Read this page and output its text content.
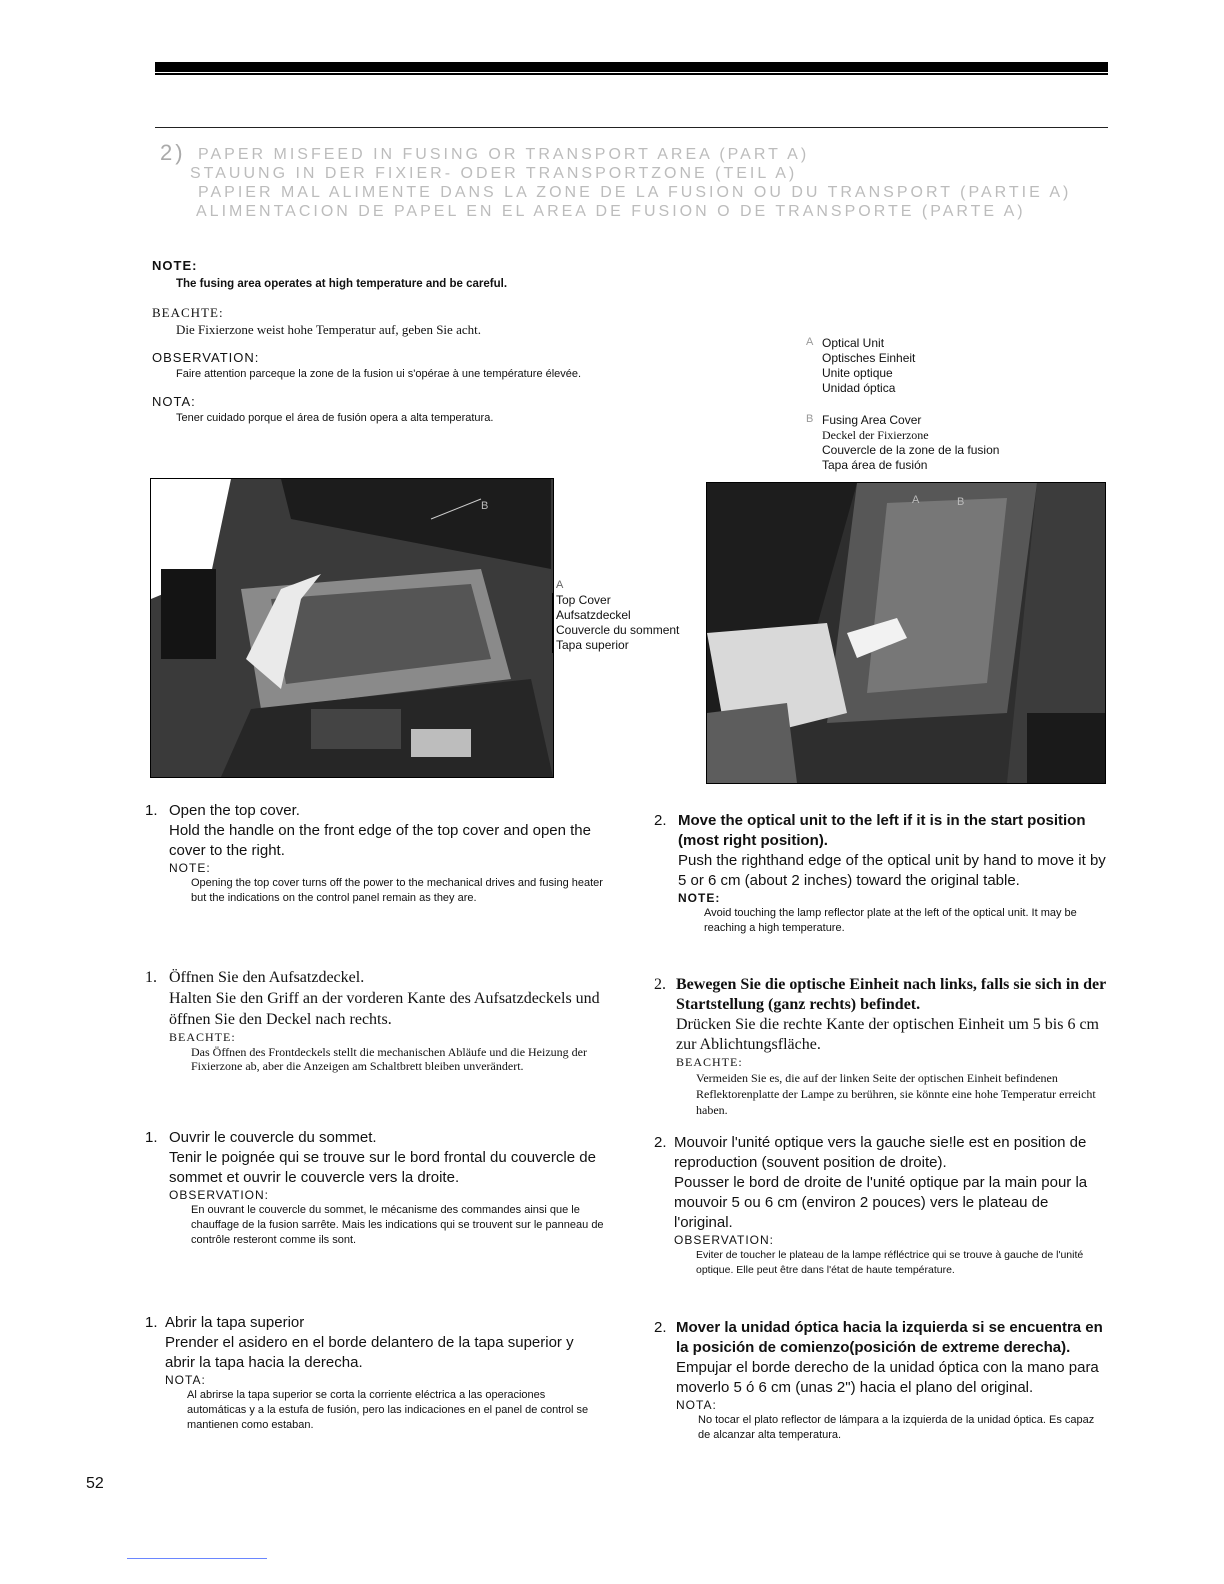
2) PAPER MISFEED IN FUSING OR TRANSPORT AREA (PART A)
STAUUNG IN DER FIXIER- ODER TRANSPORTZONE (TEIL A)
PAPIER MAL ALIMENTE DANS LA ZONE DE LA FUSION OU DU TRANSPORT (PARTIE A)
ALIMENTACION DE PAPEL EN EL AREA DE FUSION O DE TRANSPORTE (PARTE A)
NOTE:
The fusing area operates at high temperature and be careful.
BEACHTE:
Die Fixierzone weist hohe Temperatur auf, geben Sie acht.
OBSERVATION:
Faire attention parceque la zone de la fusion ui s'opérae à une température élevée.
NOTA:
Tener cuidado porque el área de fusión opera a alta temperatura.
A Optical Unit
Optisches Einheit
Unite optique
Unidad óptica
B Fusing Area Cover
Deckel der Fixierzone
Couvercle de la zone de la fusion
Tapa área de fusión
B
A
Top Cover
Aufsatzdeckel
Couvercle du somment
Tapa superior
A	B
1. Open the top cover.
Hold the handle on the front edge of the top cover and open the cover to the right.
NOTE:
Opening the top cover turns off the power to the mechanical drives and fusing heater but the indications on the control panel remain as they are.
1. Öffnen Sie den Aufsatzdeckel.
Halten Sie den Griff an der vorderen Kante des Aufsatzdeckels und öffnen Sie den Deckel nach rechts.
BEACHTE:
Das Öffnen des Frontdeckels stellt die mechanischen Abläufe und die Heizung der Fixierzone ab, aber die Anzeigen am Schaltbrett bleiben unverändert.
1. Ouvrir le couvercle du sommet.
Tenir le poignée qui se trouve sur le bord frontal du couvercle de sommet et ouvrir le couvercle vers la droite.
OBSERVATION:
En ouvrant le couvercle du sommet, le mécanisme des commandes ainsi que le chauffage de la fusion sarrête. Mais les indications qui se trouvent sur le panneau de contrôle resteront comme ils sont.
1. Abrir la tapa superior
Prender el asidero en el borde delantero de la tapa superior y abrir la tapa hacia la derecha.
NOTA:
Al abrirse la tapa superior se corta la corriente eléctrica a las operaciones automáticas y a la estufa de fusión, pero las indicaciones en el panel de control se mantienen como estaban.
2. Move the optical unit to the left if it is in the start position (most right position).
Push the righthand edge of the optical unit by hand to move it by 5 or 6 cm (about 2 inches) toward the original table.
NOTE:
Avoid touching the lamp reflector plate at the left of the optical unit. It may be reaching a high temperature.
2. Bewegen Sie die optische Einheit nach links, falls sie sich in der Startstellung (ganz rechts) befindet.
Drücken Sie die rechte Kante der optischen Einheit um 5 bis 6 cm zur Ablichtungsfläche.
BEACHTE:
Vermeiden Sie es, die auf der linken Seite der optischen Einheit befindenen Reflektorenplatte der Lampe zu berühren, sie könnte eine hohe Temperatur erreicht haben.
2. Mouvoir l'unité optique vers la gauche sie!le est en position de reproduction (souvent position de droite).
Pousser le bord de droite de l'unité optique par la main pour la mouvoir 5 ou 6 cm (environ 2 pouces) vers le plateau de l'original.
OBSERVATION:
Eviter de toucher le plateau de la lampe réfléctrice qui se trouve à gauche de l'unité optique. Elle peut être dans l'état de haute température.
2. Mover la unidad óptica hacia la izquierda si se encuentra en la posición de comienzo(posición de extreme derecha).
Empujar el borde derecho de la unidad óptica con la mano para moverlo 5 ó 6 cm (unas 2") hacia el plano del original.
NOTA:
No tocar el plato reflector de lámpara a la izquierda de la unidad óptica. Es capaz de alcanzar alta temperatura.
52
